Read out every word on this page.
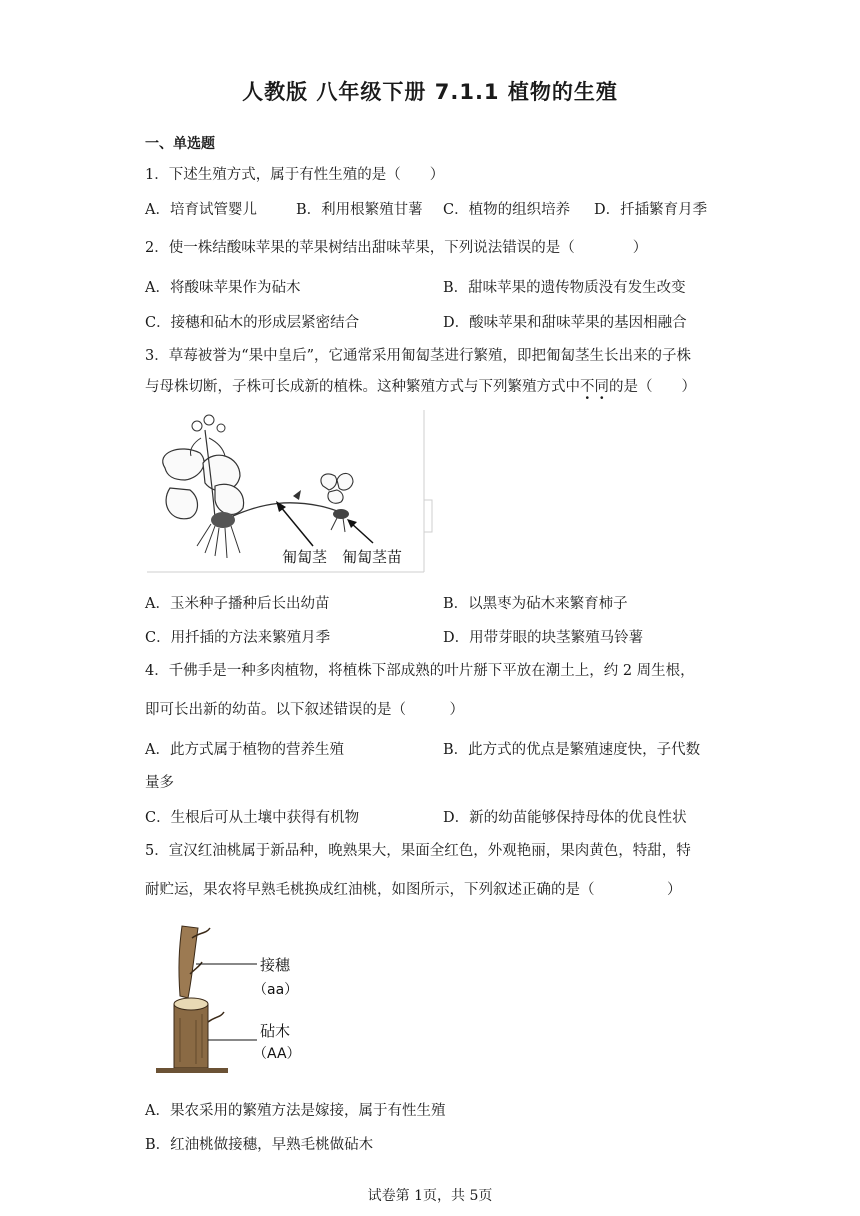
人教版 八年级下册 7.1.1 植物的生殖
一、单选题
1．下述生殖方式，属于有性生殖的是（　　）
A．培育试管婴儿	B．利用根繁殖甘薯 C．植物的组织培养 D．扦插繁育月季
2．使一株结酸味苹果的苹果树结出甜味苹果，下列说法错误的是（　　　　）
A．将酸味苹果作为砧木	B．甜味苹果的遗传物质没有发生改变
C．接穗和砧木的形成层紧密结合	D．酸味苹果和甜味苹果的基因相融合
3．草莓被誉为“果中皇后”，它通常采用匍匐茎进行繁殖，即把匍匐茎生长出来的子株
与母株切断，子株可长成新的植株。这种繁殖方式与下列繁殖方式中不同的是（　　）
匍匐茎 匍匐茎苗
A．玉米种子播种后长出幼苗	B．以黑枣为砧木来繁育柿子
C．用扦插的方法来繁殖月季	D．用带芽眼的块茎繁殖马铃薯
4．千佛手是一种多肉植物，将植株下部成熟的叶片掰下平放在潮土上，约 2 周生根，
即可长出新的幼苗。以下叙述错误的是（　　　）
A．此方式属于植物的营养生殖	B．此方式的优点是繁殖速度快，子代数
量多
C．生根后可从土壤中获得有机物	D．新的幼苗能够保持母体的优良性状
5．宣汉红油桃属于新品种，晚熟果大，果面全红色，外观艳丽，果肉黄色，特甜，特
耐贮运，果农将早熟毛桃换成红油桃，如图所示，下列叙述正确的是（　　　　　）
接穗
（aa）
砧木
（AA）
A．果农采用的繁殖方法是嫁接，属于有性生殖
B．红油桃做接穗，早熟毛桃做砧木
试卷第 1页，共 5页
